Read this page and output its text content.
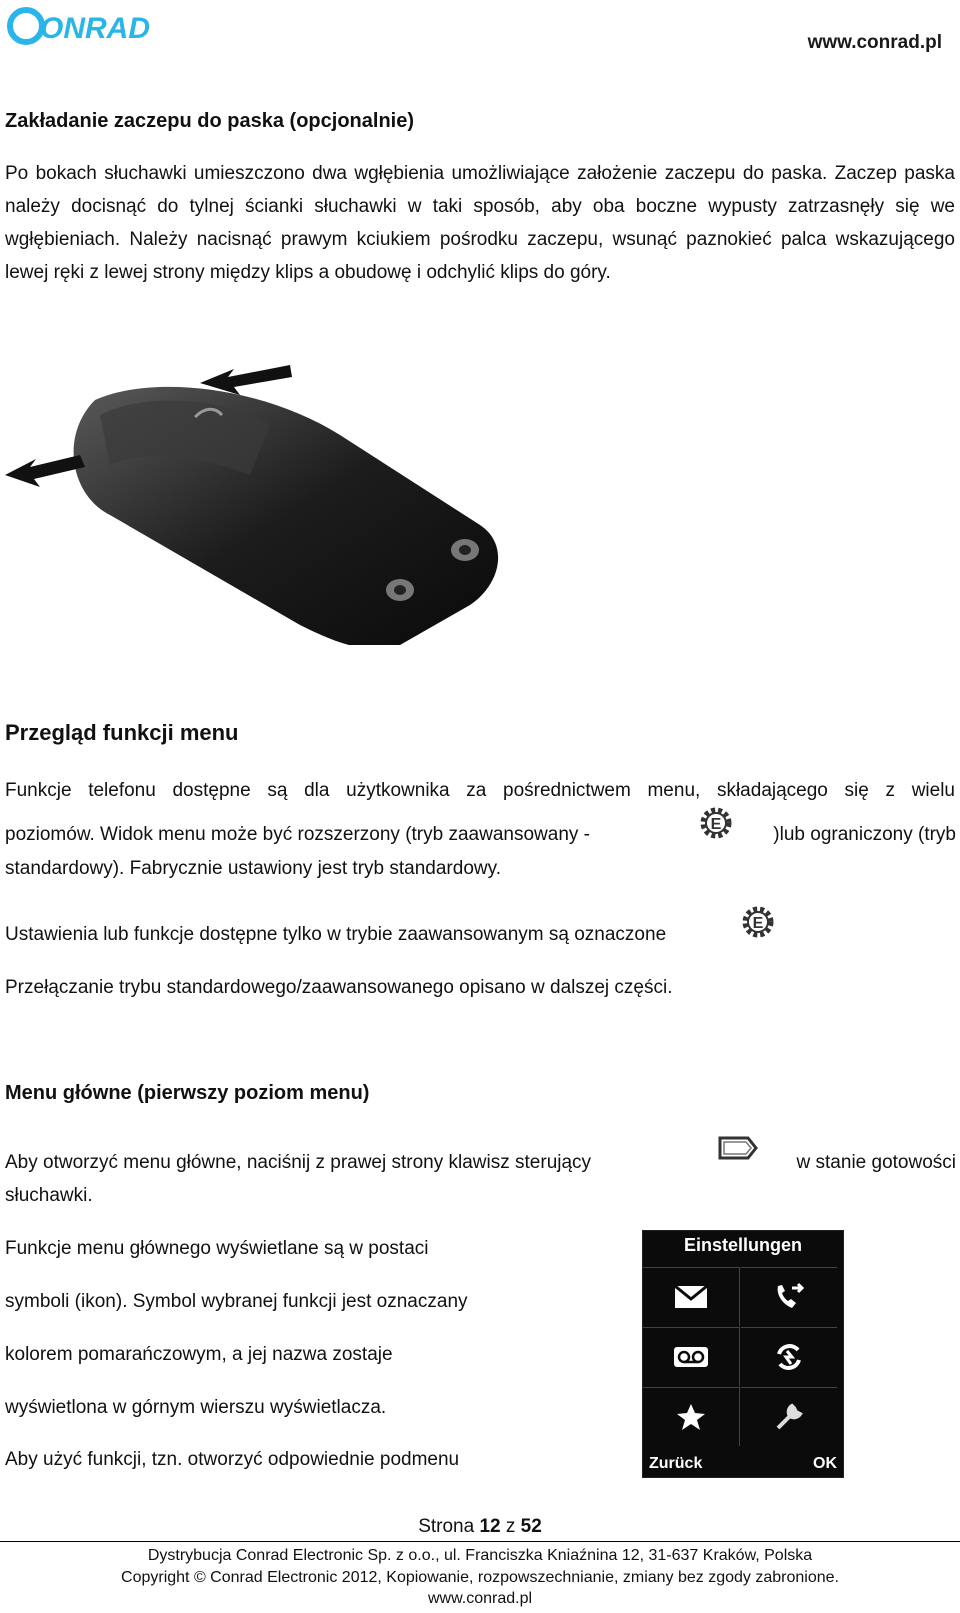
ONRAD	www.conrad.pl
Zakładanie zaczepu do paska (opcjonalnie)
Po bokach słuchawki umieszczono dwa wgłębienia umożliwiające założenie zaczepu do paska. Zaczep paska należy docisnąć do tylnej ścianki słuchawki w taki sposób, aby oba boczne wypusty zatrzasnęły się we wgłębieniach. Należy nacisnąć prawym kciukiem pośrodku zaczepu, wsunąć paznokieć palca wskazującego lewej ręki z lewej strony między klips a obudowę i odchylić klips do góry.
Przegląd funkcji menu
Funkcje telefonu dostępne są dla użytkownika za pośrednictwem menu, składającego się z wielu
poziomów. Widok menu może być rozszerzony (tryb zaawansowany -	E	)lub ograniczony (tryb
standardowy). Fabrycznie ustawiony jest tryb standardowy.
Ustawienia lub funkcje dostępne tylko w trybie zaawansowanym są oznaczone
E
Przełączanie trybu standardowego/zaawansowanego opisano w dalszej części.
Menu główne (pierwszy poziom menu)
Aby otworzyć menu główne, naciśnij z prawej strony klawisz sterujący	w stanie gotowości
słuchawki.
Funkcje menu głównego wyświetlane są w postaci
symboli (ikon). Symbol wybranej funkcji jest oznaczany
kolorem pomarańczowym, a jej nazwa zostaje
wyświetlona w górnym wierszu wyświetlacza.
Aby użyć funkcji, tzn. otworzyć odpowiednie podmenu
Einstellungen
Zurück	OK
Strona 12 z 52
Dystrybucja Conrad Electronic Sp. z o.o., ul. Franciszka Kniaźnina 12, 31-637 Kraków, Polska
Copyright © Conrad Electronic 2012, Kopiowanie, rozpowszechnianie, zmiany bez zgody zabronione.
www.conrad.pl
